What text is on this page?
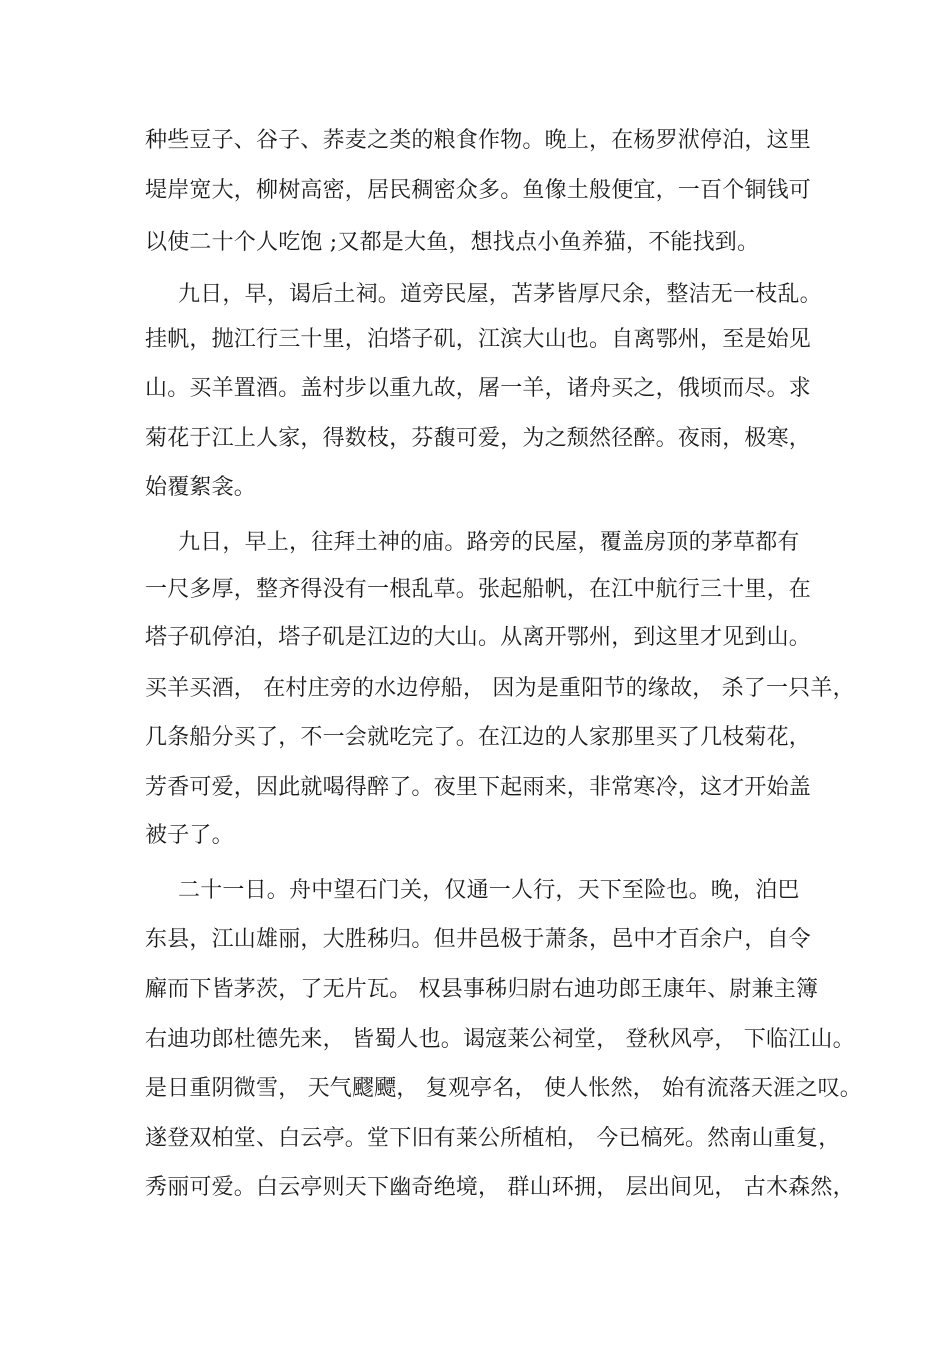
种些豆子、谷子、荞麦之类的粮食作物。晚上，在杨罗洑停泊，这里
堤岸宽大，柳树高密，居民稠密众多。鱼像土般便宜，一百个铜钱可
以使二十个人吃饱 ;又都是大鱼，想找点小鱼养猫，不能找到。
九日，早，谒后土祠。道旁民屋，苫茅皆厚尺余，整洁无一枝乱。
挂帆，抛江行三十里，泊塔子矶，江滨大山也。自离鄂州，至是始见
山。买羊置酒。盖村步以重九故，屠一羊，诸舟买之，俄顷而尽。求
菊花于江上人家，得数枝，芬馥可爱，为之颓然径醉。夜雨，极寒，
始覆絮衾。
九日，早上，往拜土神的庙。路旁的民屋，覆盖房顶的茅草都有
一尺多厚，整齐得没有一根乱草。张起船帆，在江中航行三十里，在
塔子矶停泊，塔子矶是江边的大山。从离开鄂州，到这里才见到山。
买羊买酒， 在村庄旁的水边停船， 因为是重阳节的缘故， 杀了一只羊，
几条船分买了，不一会就吃完了。在江边的人家那里买了几枝菊花，
芳香可爱，因此就喝得醉了。夜里下起雨来，非常寒冷，这才开始盖
被子了。
二十一日。舟中望石门关，仅通一人行，天下至险也。晚，泊巴
东县，江山雄丽，大胜秭归。但井邑极于萧条，邑中才百余户，自令
廨而下皆茅茨，了无片瓦。 权县事秭归尉右迪功郎王康年、尉兼主簿
右迪功郎杜德先来， 皆蜀人也。谒寇莱公祠堂， 登秋风亭， 下临江山。
是日重阴微雪， 天气飂飃， 复观亭名， 使人怅然， 始有流落天涯之叹。
遂登双柏堂、白云亭。堂下旧有莱公所植柏， 今已槁死。然南山重复，
秀丽可爱。白云亭则天下幽奇绝境， 群山环拥， 层出间见， 古木森然，
